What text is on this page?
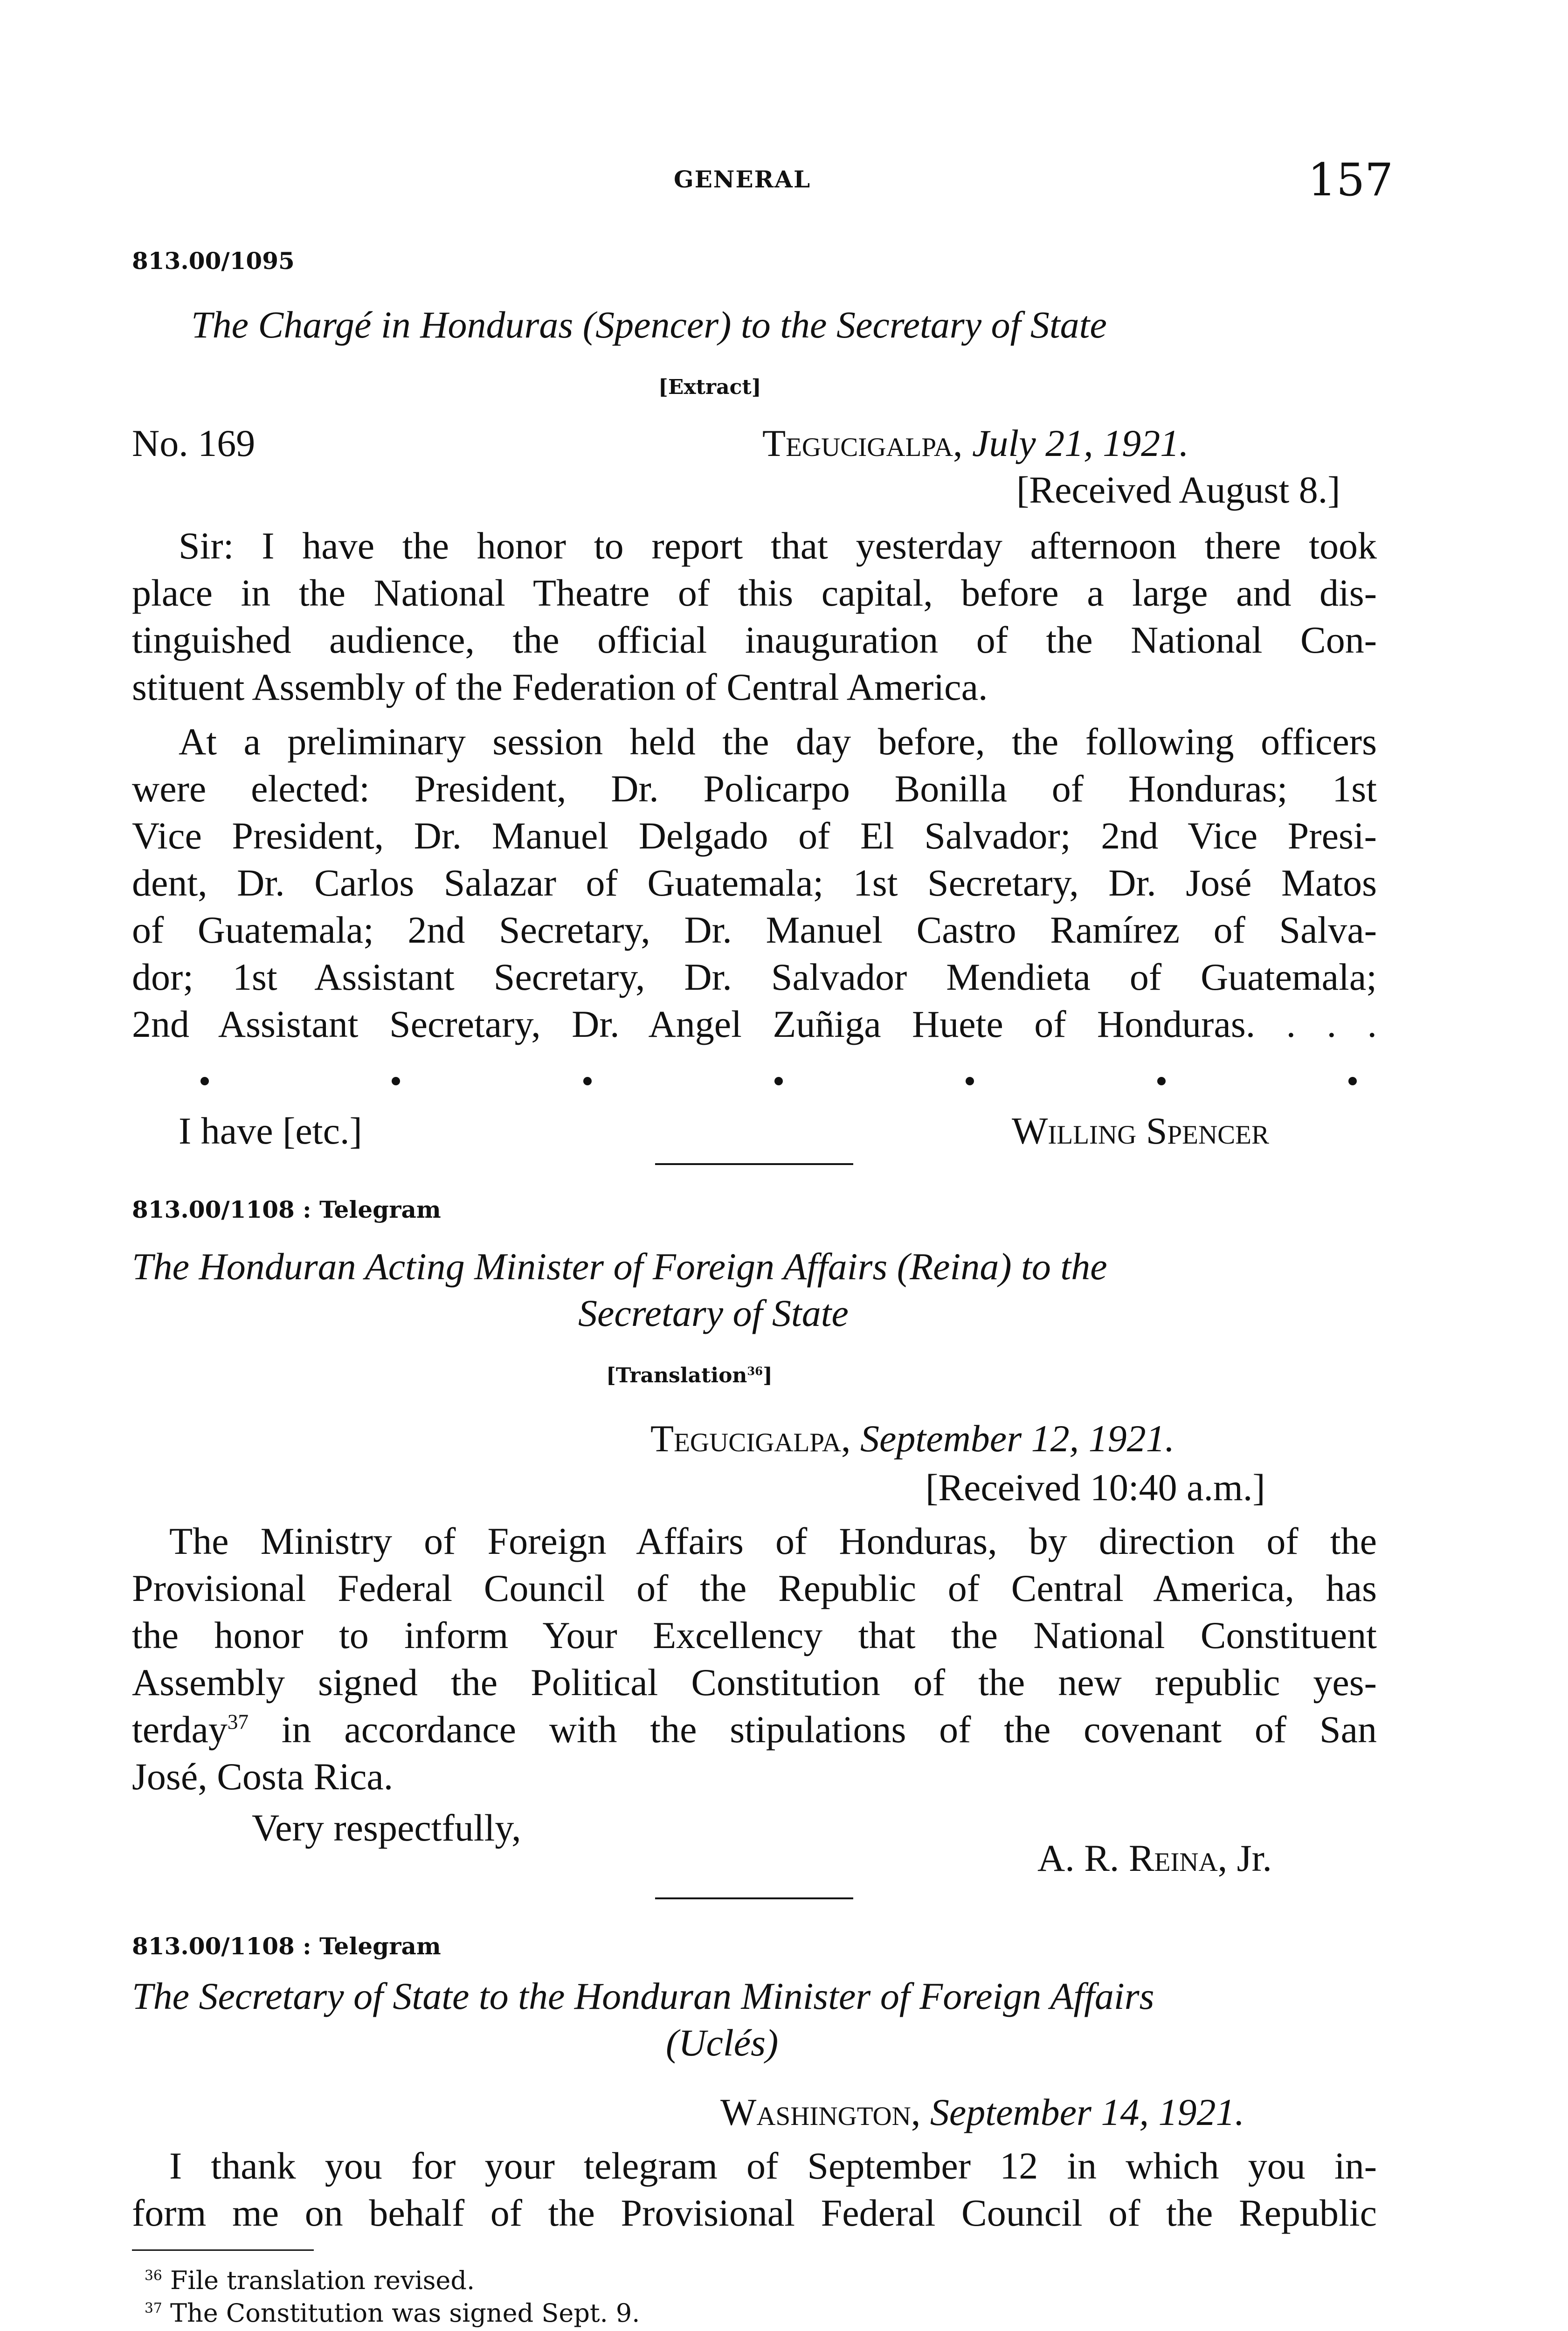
GENERAL	157
813.00/1095
The Chargé in Honduras (Spencer) to the Secretary of State
[Extract]
No. 169	Tegucigalpa, July 21, 1921.
[Received August 8.]
Sir: I have the honor to report that yesterday afternoon there took
place in the National Theatre of this capital, before a large and dis-
tinguished audience, the official inauguration of the National Con-
stituent Assembly of the Federation of Central America.
At a preliminary session held the day before, the following officers
were elected: President, Dr. Policarpo Bonilla of Honduras; 1st
Vice President, Dr. Manuel Delgado of El Salvador; 2nd Vice Presi-
dent, Dr. Carlos Salazar of Guatemala; 1st Secretary, Dr. José Matos
of Guatemala; 2nd Secretary, Dr. Manuel Castro Ramírez of Salva-
dor; 1st Assistant Secretary, Dr. Salvador Mendieta of Guatemala;
2nd Assistant Secretary, Dr. Angel Zuñiga Huete of Honduras. . . .
I have [etc.]	Willing Spencer
813.00/1108 : Telegram
The Honduran Acting Minister of Foreign Affairs (Reina) to the
Secretary of State
[Translation$^{36}$]
Tegucigalpa, September 12, 1921.
[Received 10:40 a.m.]
The Ministry of Foreign Affairs of Honduras, by direction of the
Provisional Federal Council of the Republic of Central America, has
the honor to inform Your Excellency that the National Constituent
Assembly signed the Political Constitution of the new republic yes-
terday$^{37}$ in accordance with the stipulations of the covenant of San
José, Costa Rica.
Very respectfully,
A. R. Reina, Jr.
813.00/1108 : Telegram
The Secretary of State to the Honduran Minister of Foreign Affairs
(Uclés)
Washington, September 14, 1921.
I thank you for your telegram of September 12 in which you in-
form me on behalf of the Provisional Federal Council of the Republic
$^{36}$ File translation revised.
$^{37}$ The Constitution was signed Sept. 9.
